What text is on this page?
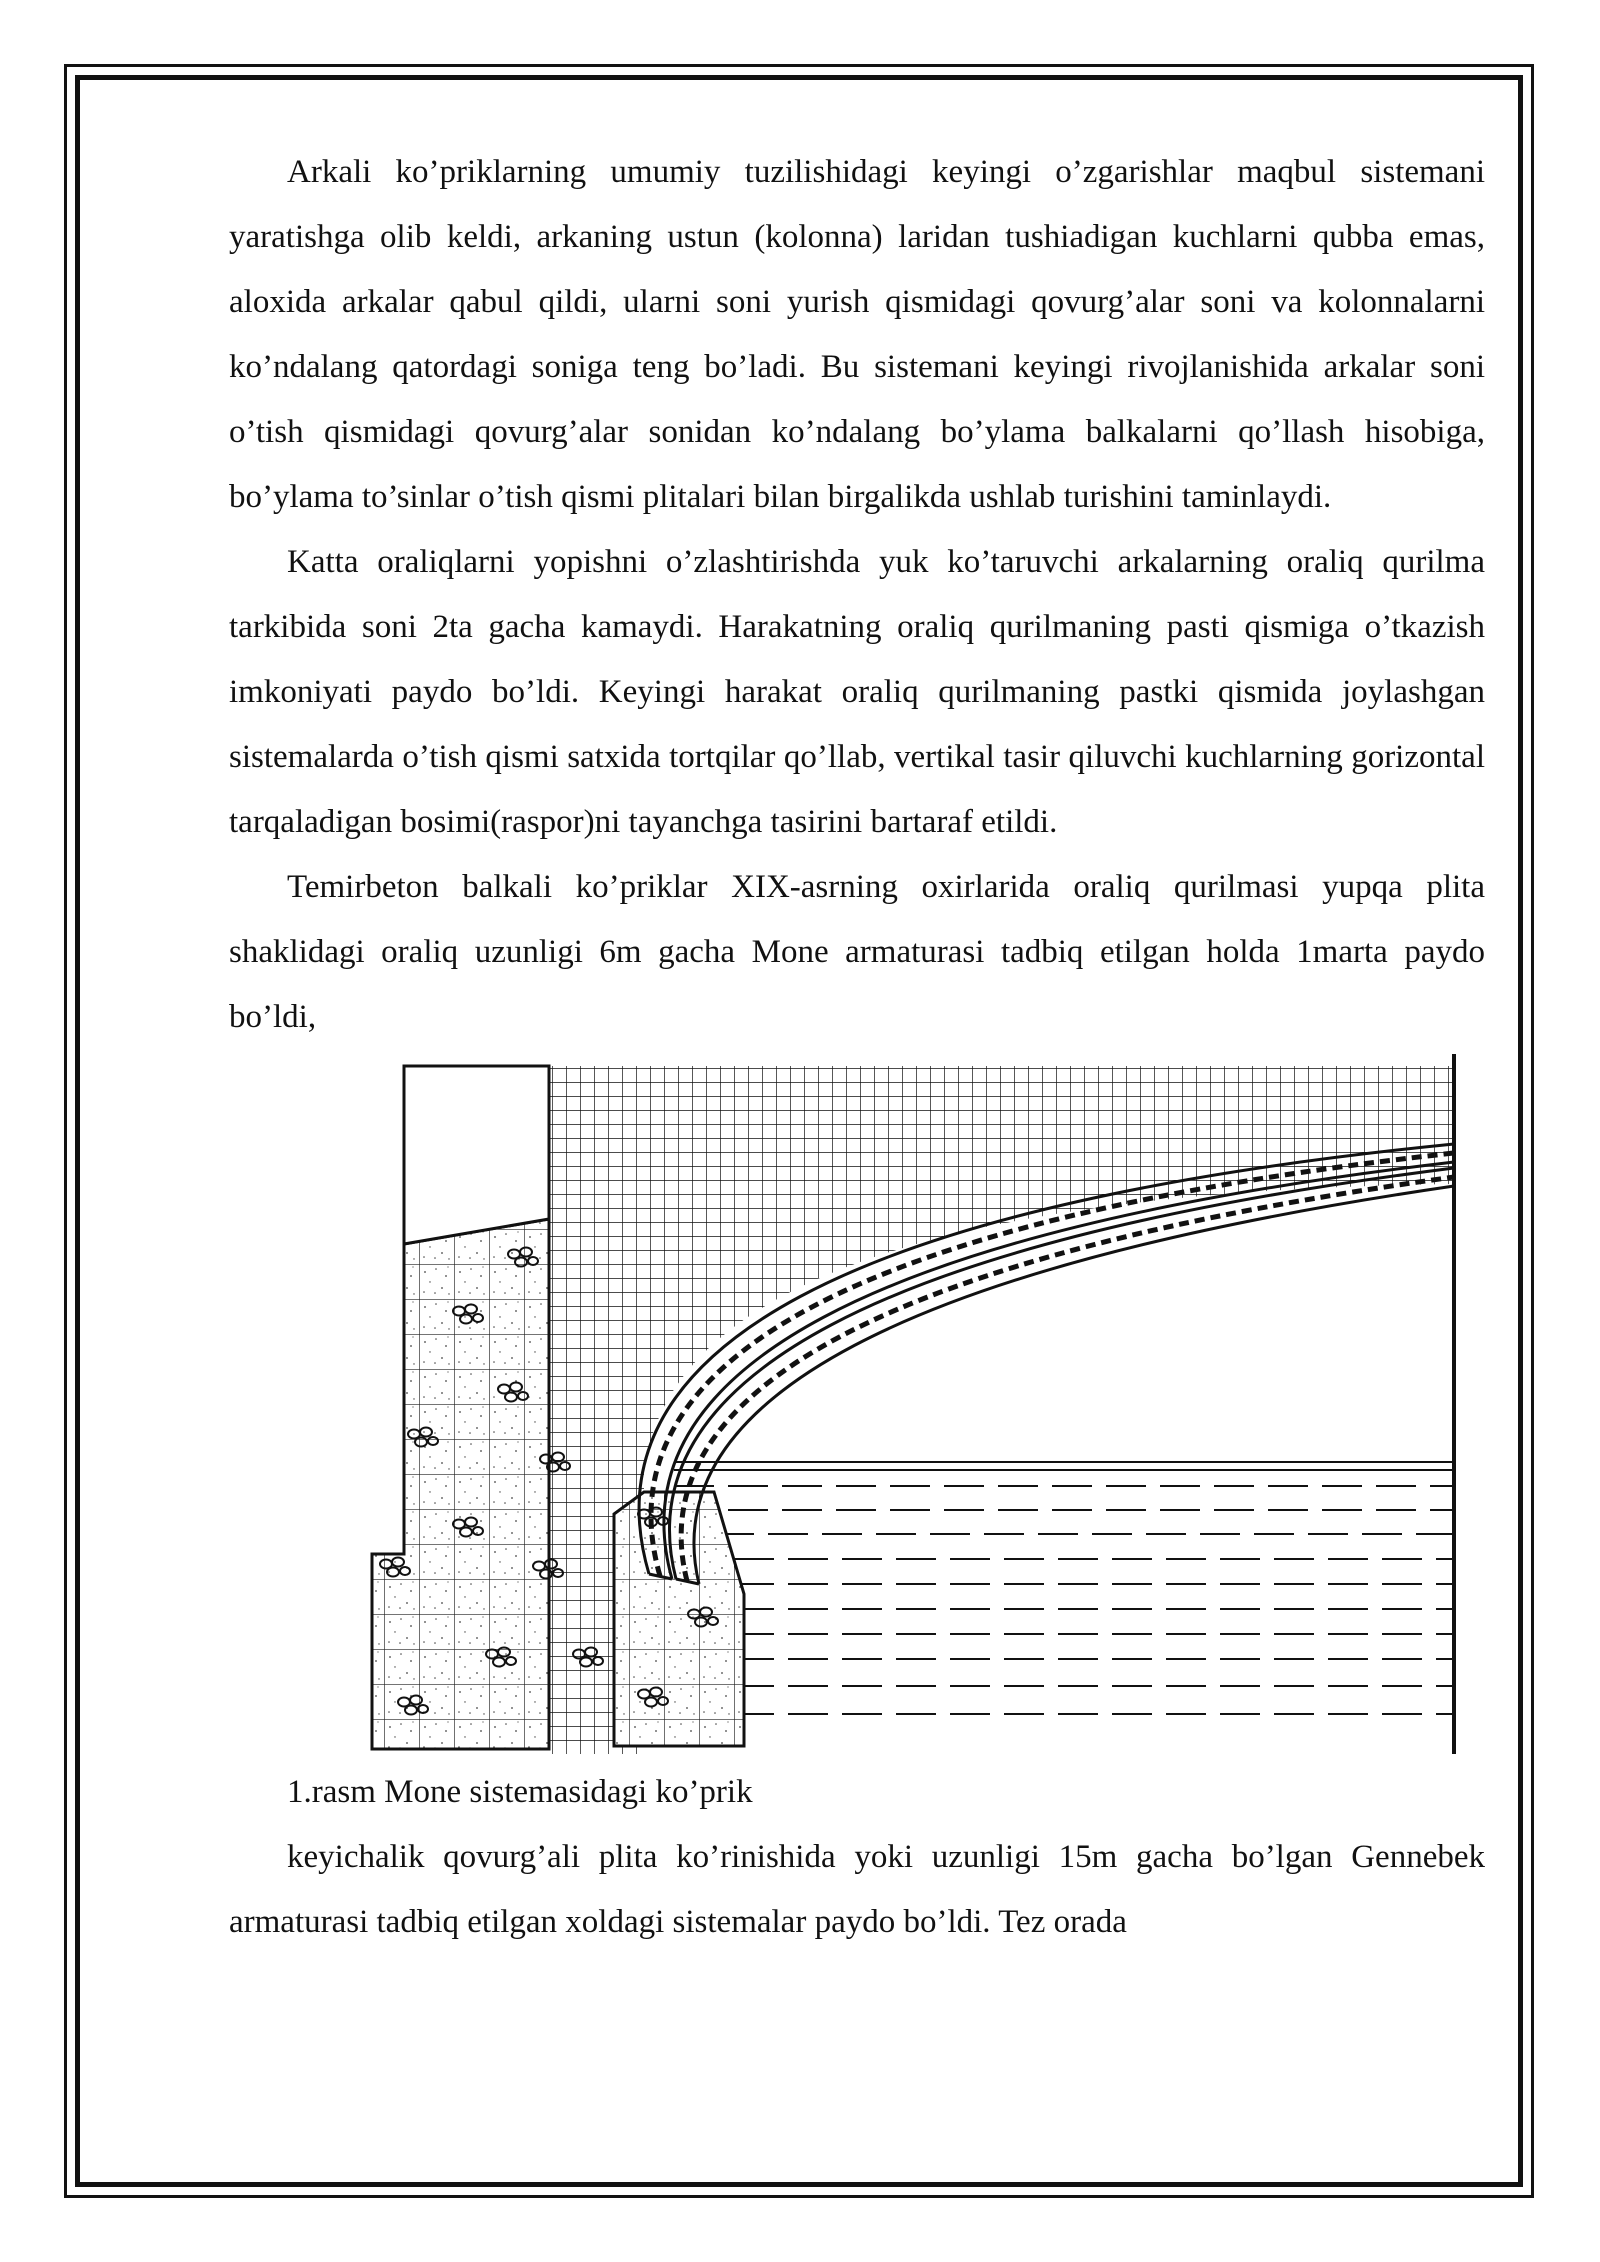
Arkali ko’priklarning umumiy tuzilishidagi keyingi o’zgarishlar maqbul sistemani yaratishga olib keldi, arkaning ustun (kolonna) laridan tushiadigan kuchlarni qubba emas, aloxida arkalar qabul qildi, ularni soni yurish qismidagi qovurg’alar soni va kolonnalarni ko’ndalang qatordagi soniga teng bo’ladi. Bu sistemani keyingi rivojlanishida arkalar soni o’tish qismidagi qovurg’alar sonidan ko’ndalang bo’ylama balkalarni qo’llash hisobiga, bo’ylama to’sinlar o’tish qismi plitalari bilan birgalikda ushlab turishini taminlaydi.

Katta oraliqlarni yopishni o’zlashtirishda yuk ko’taruvchi arkalarning oraliq qurilma tarkibida soni 2ta gacha kamaydi. Harakatning oraliq qurilmaning pasti qismiga o’tkazish imkoniyati paydo bo’ldi. Keyingi harakat oraliq qurilmaning pastki qismida joylashgan sistemalarda o’tish qismi satxida tortqilar qo’llab, vertikal tasir qiluvchi kuchlarning gorizontal tarqaladigan bosimi(raspor)ni tayanchga tasirini bartaraf etildi.

Temirbeton balkali ko’priklar XIX-asrning oxirlarida oraliq qurilmasi yupqa plita shaklidagi oraliq uzunligi 6m gacha Mone armaturasi tadbiq etilgan holda 1marta paydo bo’ldi,

1.rasm Mone sistemasidagi ko’prik

keyichalik qovurg’ali plita ko’rinishida yoki uzunligi 15m gacha bo’lgan Gennebek armaturasi tadbiq etilgan xoldagi sistemalar paydo bo’ldi. Tez orada
